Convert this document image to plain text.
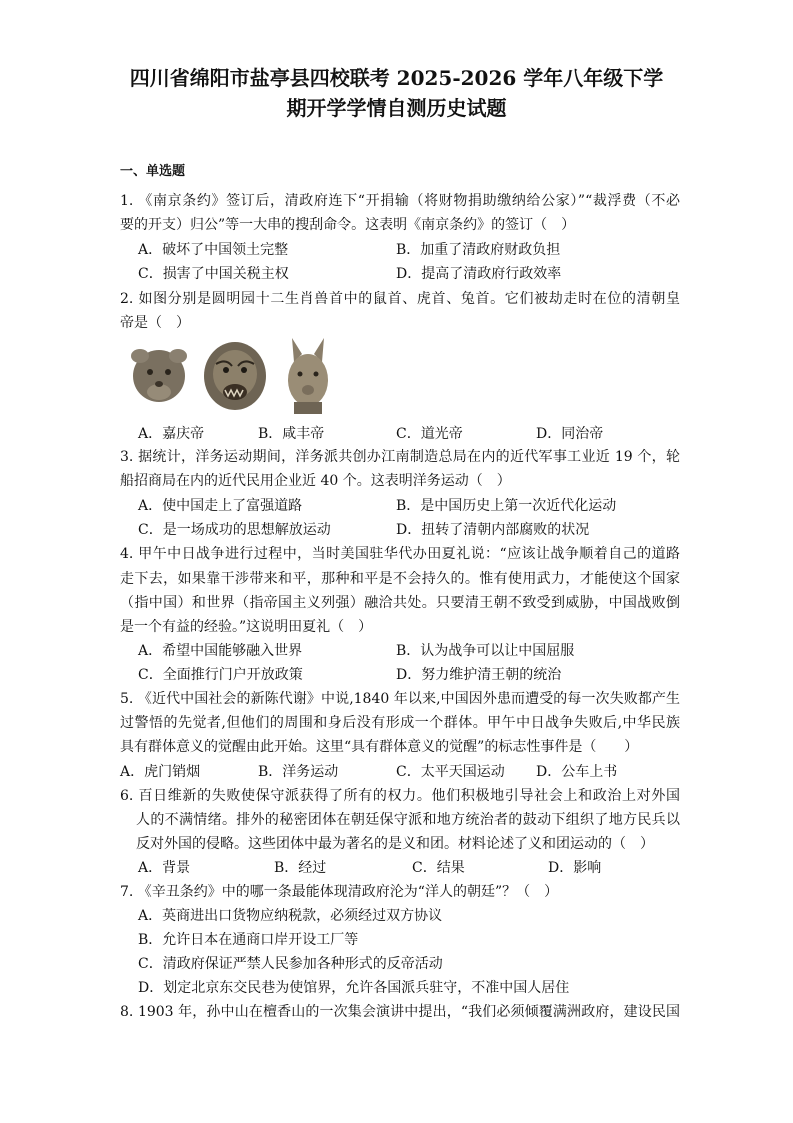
四川省绵阳市盐亭县四校联考 2025-2026 学年八年级下学
期开学学情自测历史试题
一、单选题
1. 《南京条约》签订后，清政府连下“开捐输（将财物捐助缴纳给公家）”“裁浮费（不必
要的开支）归公”等一大串的搜刮命令。这表明《南京条约》的签订（　）
A．破坏了中国领土完整	B．加重了清政府财政负担
C．损害了中国关税主权	D．提高了清政府行政效率
2. 如图分别是圆明园十二生肖兽首中的鼠首、虎首、兔首。它们被劫走时在位的清朝皇
帝是（　）
A．嘉庆帝	B．咸丰帝	C．道光帝	D．同治帝
3. 据统计，洋务运动期间，洋务派共创办江南制造总局在内的近代军事工业近 19 个，轮
船招商局在内的近代民用企业近 40 个。这表明洋务运动（　）
A．使中国走上了富强道路	B．是中国历史上第一次近代化运动
C．是一场成功的思想解放运动	D．扭转了清朝内部腐败的状况
4. 甲午中日战争进行过程中，当时美国驻华代办田夏礼说：“应该让战争顺着自己的道路
走下去，如果靠干涉带来和平，那种和平是不会持久的。惟有使用武力，才能使这个国家
（指中国）和世界（指帝国主义列强）融洽共处。只要清王朝不致受到威胁，中国战败倒
是一个有益的经验。”这说明田夏礼（　）
A．希望中国能够融入世界	B．认为战争可以让中国屈服
C．全面推行门户开放政策	D．努力维护清王朝的统治
5. 《近代中国社会的新陈代谢》中说,1840 年以来,中国因外患而遭受的每一次失败都产生
过警悟的先觉者,但他们的周围和身后没有形成一个群体。甲午中日战争失败后,中华民族
具有群体意义的觉醒由此开始。这里“具有群体意义的觉醒”的标志性事件是（　　）
A．虎门销烟	B．洋务运动	C．太平天国运动 D．公车上书
6. 百日维新的失败使保守派获得了所有的权力。他们积极地引导社会上和政治上对外国
人的不满情绪。排外的秘密团体在朝廷保守派和地方统治者的鼓动下组织了地方民兵以
反对外国的侵略。这些团体中最为著名的是义和团。材料论述了义和团运动的（　）
A．背景	B．经过	C．结果	D．影响
7. 《辛丑条约》中的哪一条最能体现清政府沦为“洋人的朝廷”？（　）
A．英商进出口货物应纳税款，必须经过双方协议
B．允许日本在通商口岸开设工厂等
C．清政府保证严禁人民参加各种形式的反帝活动
D．划定北京东交民巷为使馆界，允许各国派兵驻守，不准中国人居住
8. 1903 年，孙中山在檀香山的一次集会演讲中提出，“我们必须倾覆满洲政府，建设民国
